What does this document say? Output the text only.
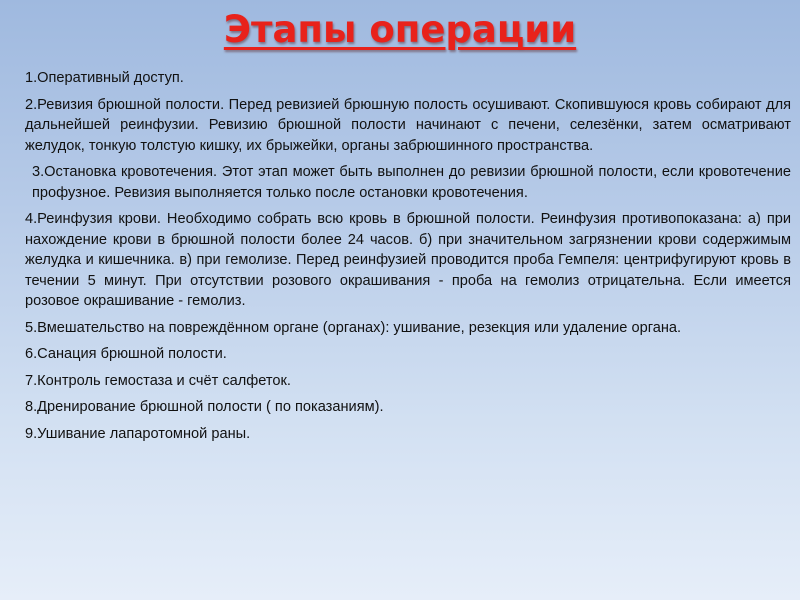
Этапы операции

1.Оперативный доступ.

2.Ревизия брюшной полости. Перед ревизией брюшную полость осушивают. Скопившуюся кровь собирают для дальнейшей реинфузии. Ревизию брюшной полости начинают с печени, селезёнки, затем осматривают желудок, тонкую толстую кишку, их брыжейки, органы забрюшинного пространства.

3.Остановка кровотечения. Этот этап может быть выполнен до ревизии брюшной полости, если кровотечение профузное. Ревизия выполняется только после остановки кровотечения.

4.Реинфузия крови. Необходимо собрать всю кровь в брюшной полости. Реинфузия противопоказана: а) при нахождение крови в брюшной полости более 24 часов. б) при значительном загрязнении крови содержимым желудка и кишечника. в) при гемолизе. Перед реинфузией проводится проба Гемпеля: центрифугируют кровь в течении 5 минут. При отсутствии розового окрашивания - проба на гемолиз отрицательна. Если имеется розовое окрашивание - гемолиз.

5.Вмешательство на повреждённом органе (органах): ушивание, резекция или удаление органа.

6.Санация брюшной полости.

7.Контроль гемостаза и счёт салфеток.

8.Дренирование брюшной полости ( по показаниям).

9.Ушивание лапаротомной раны.
